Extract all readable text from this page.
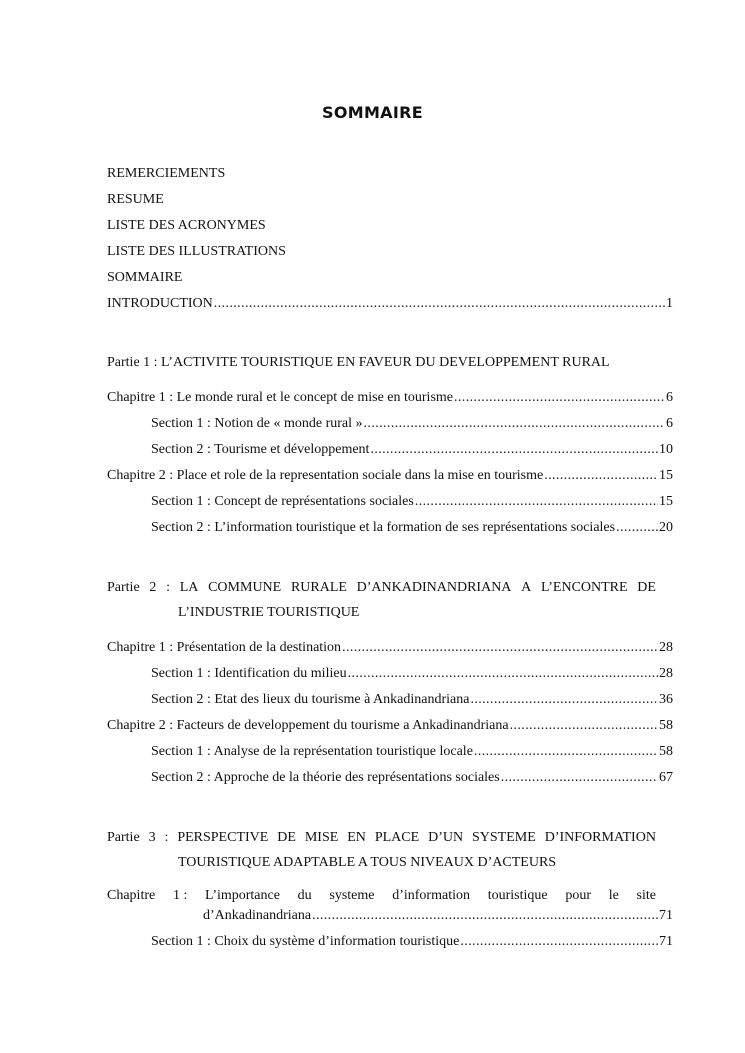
SOMMAIRE
REMERCIEMENTS
RESUME
LISTE DES ACRONYMES
LISTE DES ILLUSTRATIONS
SOMMAIRE
INTRODUCTION .....	1
Partie 1 : L’ACTIVITE TOURISTIQUE EN FAVEUR DU DEVELOPPEMENT RURAL
Chapitre 1 : Le monde rural et le concept de mise en tourisme .....	6
Section 1 : Notion de « monde rural » .....	6
Section 2 : Tourisme et développement .....	10
Chapitre 2 : Place et role de la representation sociale dans la mise en tourisme .....	15
Section 1 : Concept de représentations sociales .....	15
Section 2 : L’information touristique et la formation de ses représentations sociales .....	20
Partie 2 : LA COMMUNE RURALE D’ANKADINANDRIANA A L’ENCONTRE DE
L’INDUSTRIE TOURISTIQUE
Chapitre 1 : Présentation de la destination .....	28
Section 1 : Identification du milieu .....	28
Section 2 : Etat des lieux du tourisme à Ankadinandriana .....	36
Chapitre 2 : Facteurs de developpement du tourisme a Ankadinandriana .....	58
Section 1 : Analyse de la représentation touristique locale .....	58
Section 2 : Approche de la théorie des représentations sociales .....	67
Partie 3 : PERSPECTIVE DE MISE EN PLACE D’UN SYSTEME D’INFORMATION
TOURISTIQUE ADAPTABLE A TOUS NIVEAUX D’ACTEURS
Chapitre 1 : L’importance du systeme d’information touristique pour le site
d’Ankadinandriana .....	71
Section 1 : Choix du système d’information touristique .....	71
